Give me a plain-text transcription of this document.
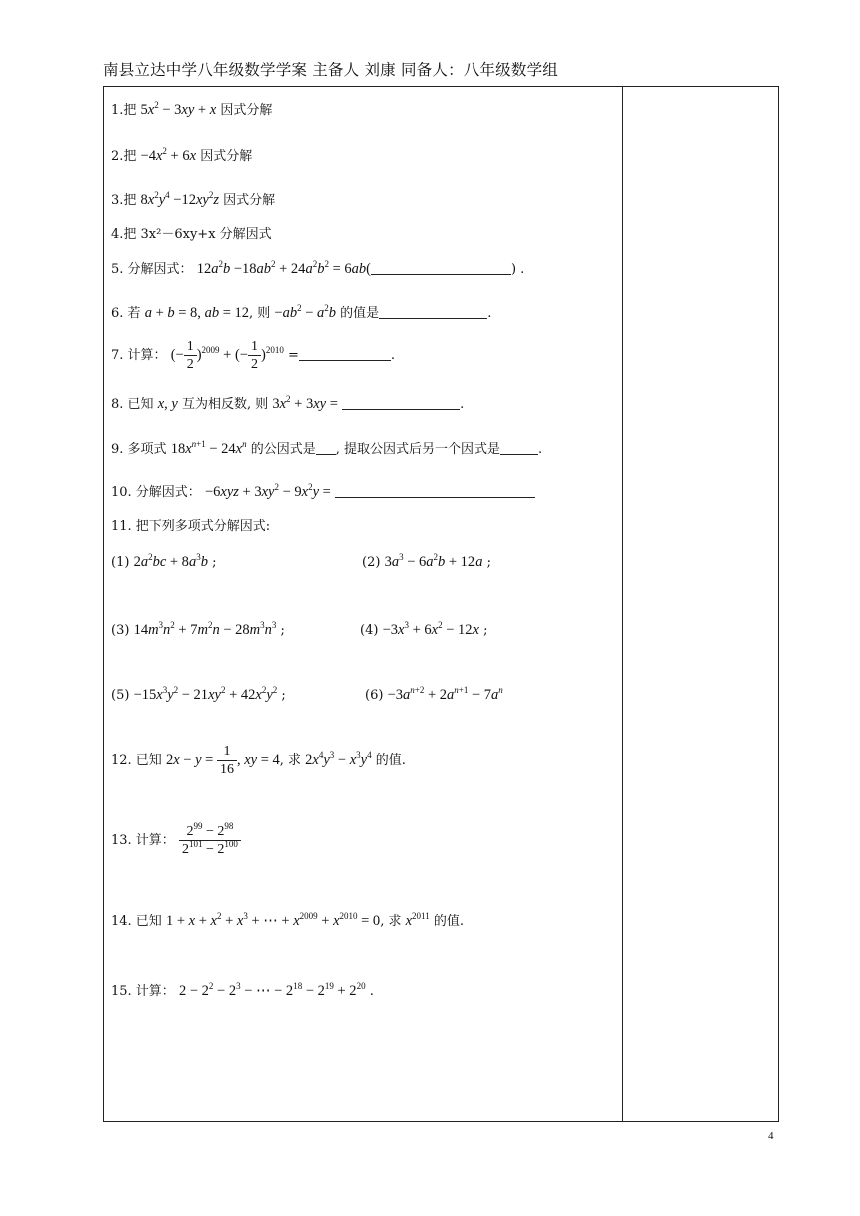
南县立达中学八年级数学学案 主备人 刘康 同备人：八年级数学组
4
1.把 $5x^2 - 3xy + x$ 因式分解
2.把 $-4x^2 + 6x$ 因式分解
3.把 $8x^2y^4 -12xy^2z$ 因式分解
4.把 3x²－6xy+x 分解因式
5. 分解因式： $12a^2b -18ab^2 + 24a^2b^2 = 6ab$(	) .
6. 若 a + b = 8, ab = 12, 则 $-ab^2 - a^2b$ 的值是	.
7. 计算： (− $\frac{1}{2} )^{2009}$ + (− $\frac{1}{2} )^{2010}$ =	.
8. 已知 x, y 互为相反数, 则 $3x^2 + 3xy$ =	.
9. 多项式 $18x^{n+1} - 24x^n$ 的公因式是 , 提取公因式后另一个因式是	.
10. 分解因式： $-6xyz + 3xy^2 - 9x^2y$ =
11. 把下列多项式分解因式:
(1) $2a^2bc + 8a^3b$ ;	(2) $3a^3 - 6a^2b + 12a$ ;
(3) $14m^3n^2 + 7m^2n - 28m^3n^3$ ;	$(4) -3x^3 + 6x^2 - 12x$ ;
$(5) -15x^3y^2 - 21xy^2 + 42x^2y^2$ ;	$(6) -3a^{n+2} + 2a^{n+1} - 7a^n$
12. 已知 $2x - y = \frac{1}{16}$ , xy = 4, 求 $2x^4y^3 - x^3y^4$ 的值.
13. 计算： $\frac{2^{99} - 2^{98}}{2^{101} - 2^{100}}$
14. 已知 $1 + x + x^2 + x^3$ + ⋯ + $x^{2009} + x^{2010} = 0$, 求 $x^{2011}$ 的值.
15. 计算： $2 - 2^2 - 2^3$ − ⋯ − $2^{18} - 2^{19} + 2^{20}$ .
